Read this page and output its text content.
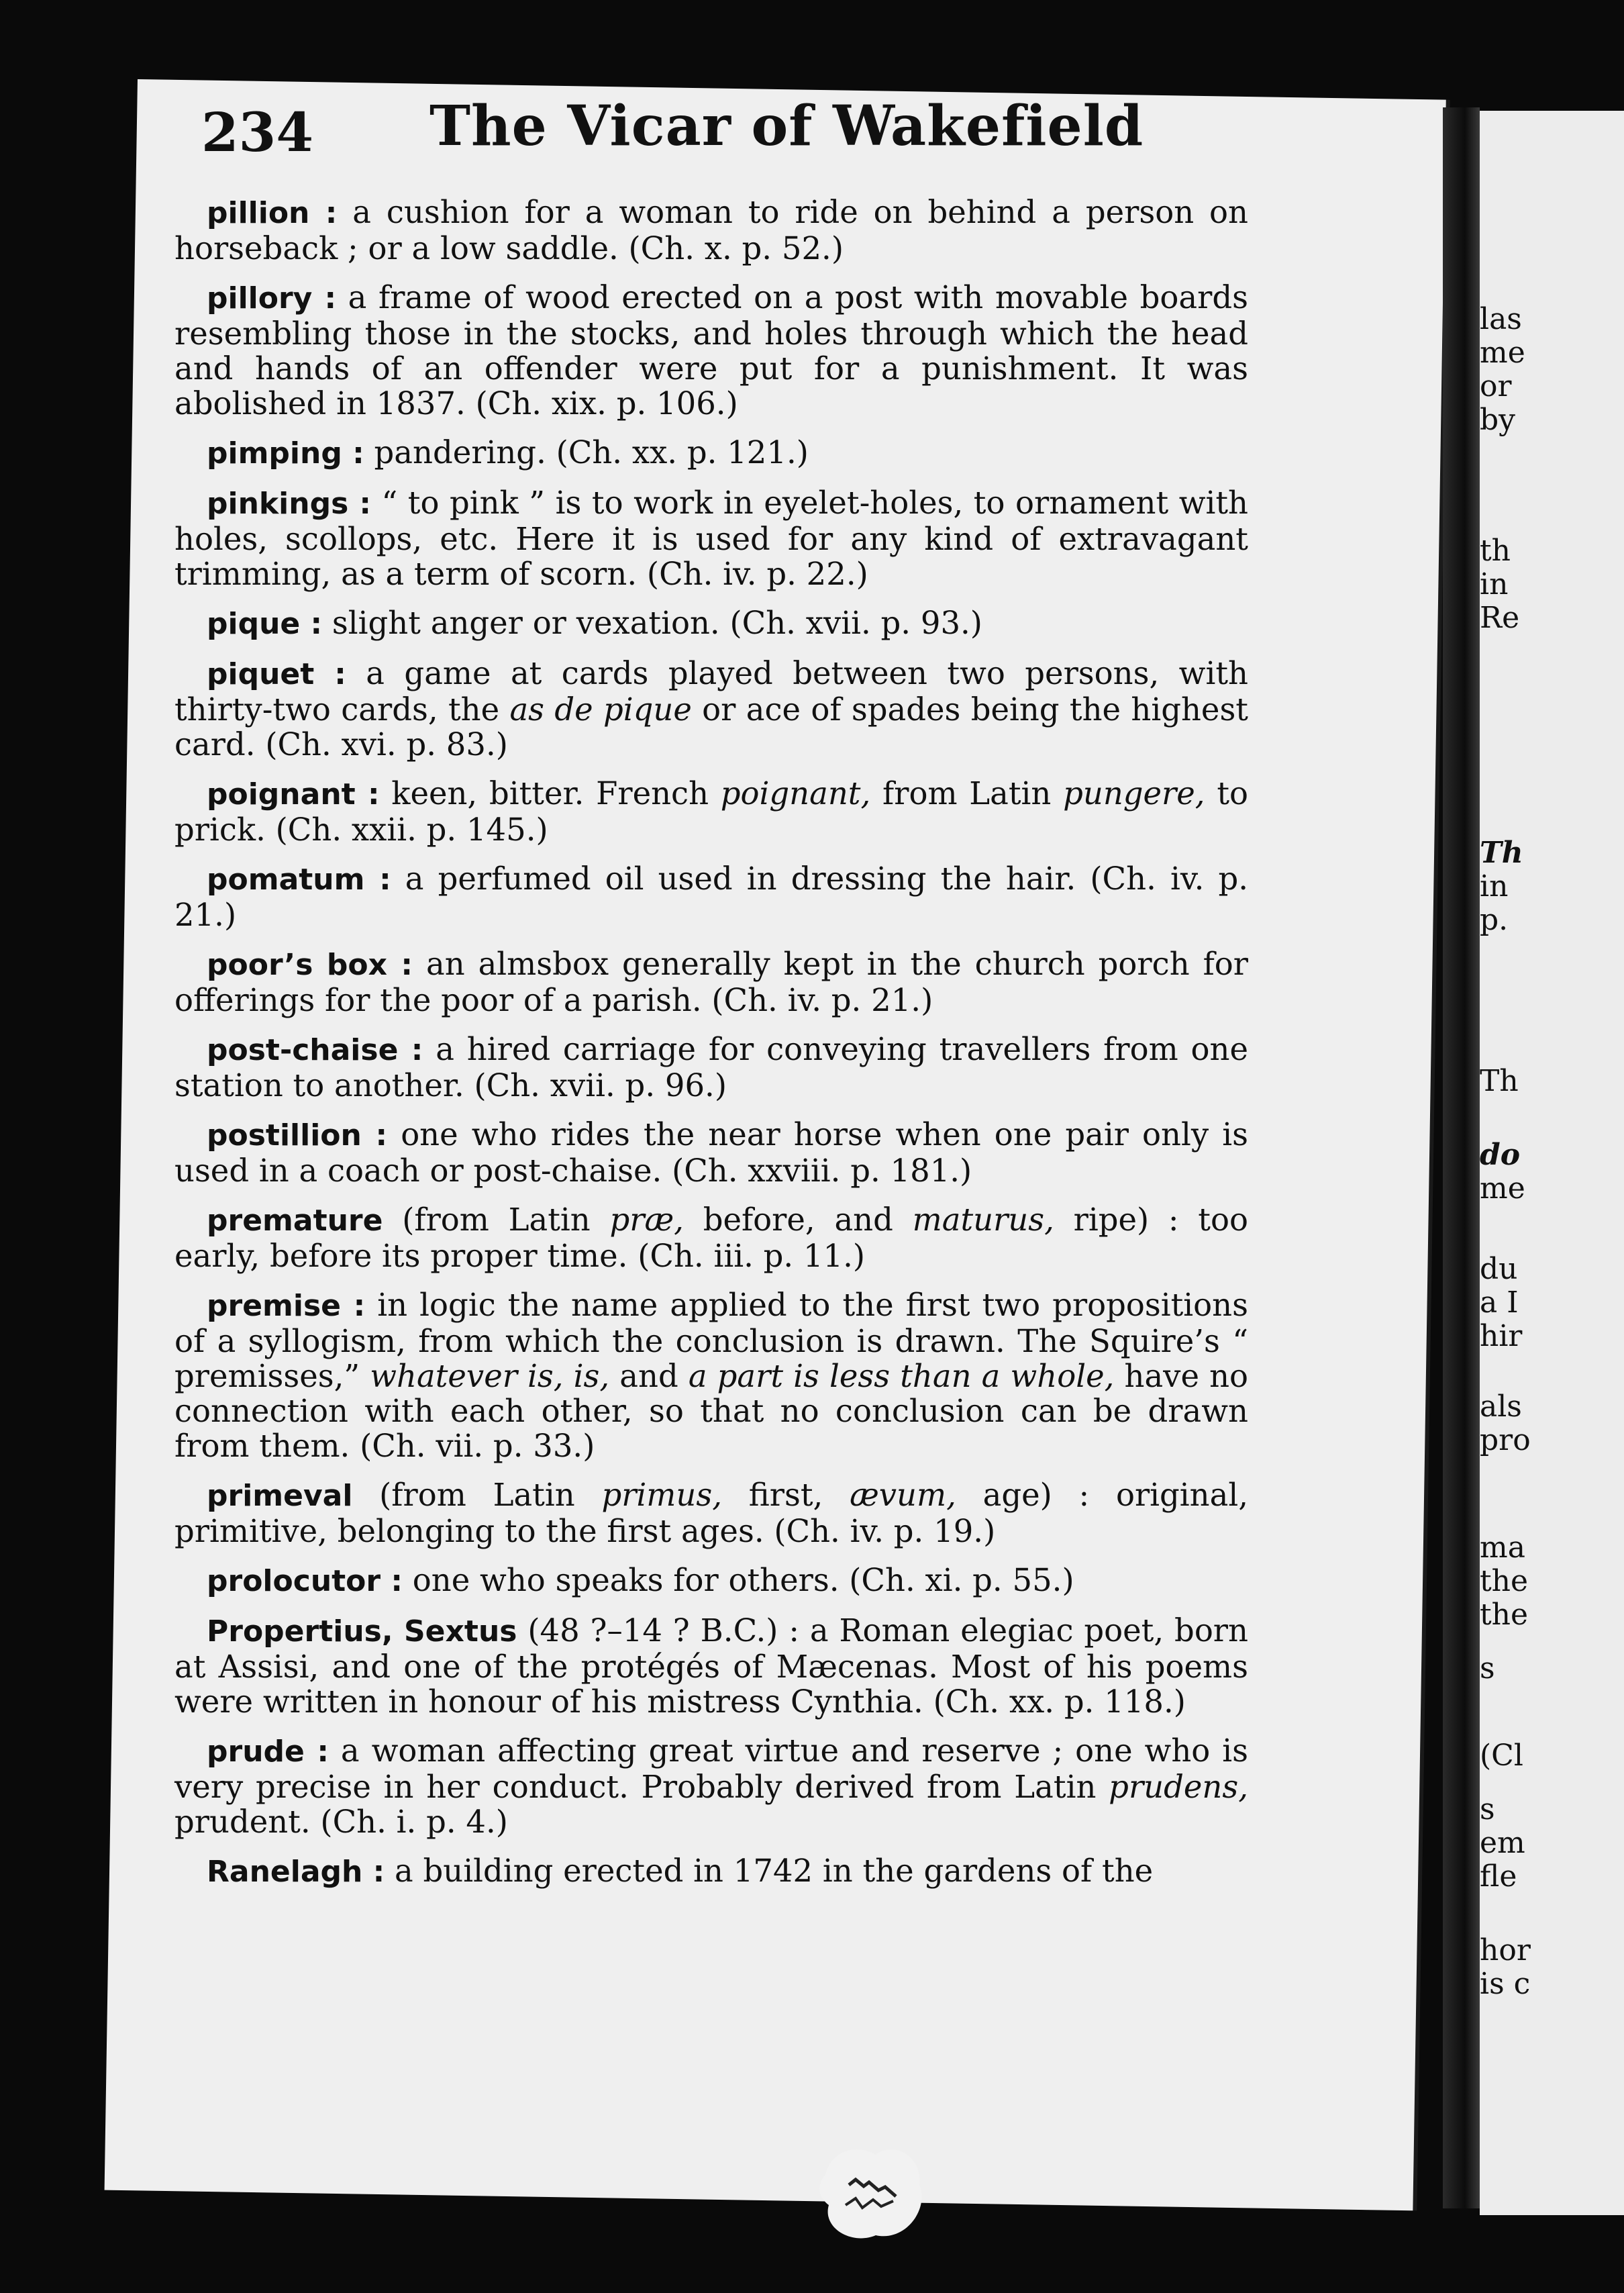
234 The Vicar of Wakefield

pillion : a cushion for a woman to ride on behind a person on horseback ; or a low saddle. (Ch. x. p. 52.)

pillory : a frame of wood erected on a post with movable boards resembling those in the stocks, and holes through which the head and hands of an offender were put for a punishment. It was abolished in 1837. (Ch. xix. p. 106.)

pimping : pandering. (Ch. xx. p. 121.)

pinkings : “ to pink ” is to work in eyelet-holes, to ornament with holes, scollops, etc. Here it is used for any kind of extravagant trimming, as a term of scorn. (Ch. iv. p. 22.)

pique : slight anger or vexation. (Ch. xvii. p. 93.)

piquet : a game at cards played between two persons, with thirty-two cards, the as de pique or ace of spades being the highest card. (Ch. xvi. p. 83.)

poignant : keen, bitter. French poignant, from Latin pungere, to prick. (Ch. xxii. p. 145.)

pomatum : a perfumed oil used in dressing the hair. (Ch. iv. p. 21.)

poor’s box : an almsbox generally kept in the church porch for offerings for the poor of a parish. (Ch. iv. p. 21.)

post-chaise : a hired carriage for conveying travellers from one station to another. (Ch. xvii. p. 96.)

postillion : one who rides the near horse when one pair only is used in a coach or post-chaise. (Ch. xxviii. p. 181.)

premature (from Latin præ, before, and maturus, ripe) : too early, before its proper time. (Ch. iii. p. 11.)

premise : in logic the name applied to the first two propositions of a syllogism, from which the conclusion is drawn. The Squire’s “ premisses,” whatever is, is, and a part is less than a whole, have no connection with each other, so that no conclusion can be drawn from them. (Ch. vii. p. 33.)

primeval (from Latin primus, first, ævum, age) : original, primitive, belonging to the first ages. (Ch. iv. p. 19.)

prolocutor : one who speaks for others. (Ch. xi. p. 55.)

Propertius, Sextus (48 ?–14 ? B.C.) : a Roman elegiac poet, born at Assisi, and one of the protégés of Mæcenas. Most of his poems were written in honour of his mistress Cynthia. (Ch. xx. p. 118.)

prude : a woman affecting great virtue and reserve ; one who is very precise in her conduct. Probably derived from Latin prudens, prudent. (Ch. i. p. 4.)

Ranelagh : a building erected in 1742 in the gardens of the

las
me
or
by
th
in
Re
Th
in
p.
Th
do
me
du
a I
hir
als
pro
ma
the
the
s
(Cl
s
em
fle
hor
is c
